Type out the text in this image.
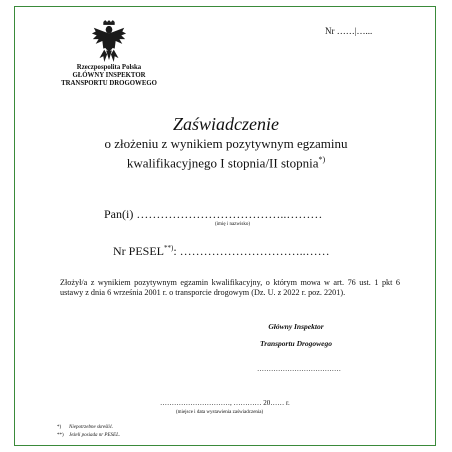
Rzeczpospolita Polska
GŁÓWNY INSPEKTOR
TRANSPORTU DROGOWEGO
Nr ……|…...
Zaświadczenie
o złożeniu z wynikiem pozytywnym egzaminu
kwalifikacyjnego I stopnia/II stopnia*)
Pan(i) ………………………………..………
(imię i nazwisko)
Nr PESEL**): …………………………..……
Złożył/a z wynikiem pozytywnym egzamin kwalifikacyjny, o którym mowa w art. 76 ust. 1 pkt 6 ustawy z dnia 6 września 2001 r. o transporcie drogowym (Dz. U. z 2022 r. poz. 2201).
Główny Inspektor
Transportu Drogowego
………………………………
…………………………, ………… 20…… r.
(miejsce i data wystawienia zaświadczenia)
*) Niepotrzebne skreślić.
**) Jeżeli posiada nr PESEL.
